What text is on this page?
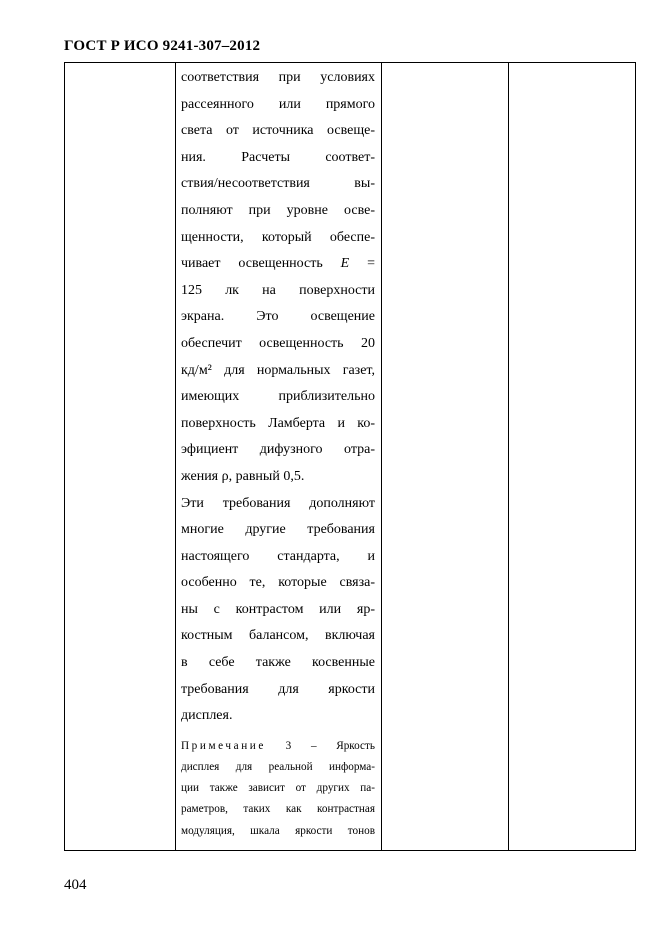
ГОСТ Р ИСО 9241-307–2012
соответствия при условиях
рассеянного или прямого
света от источника освеще-
ния. Расчеты соответ-
ствия/несоответствия вы-
полняют при уровне осве-
щенности, который обеспе-
чивает освещенность E =
125 лк на поверхности
экрана. Это освещение
обеспечит освещенность 20
кд/м² для нормальных газет,
имеющих приблизительно
поверхность Ламберта и ко-
эфициент дифузного отра-
жения ρ, равный 0,5.
Эти требования дополняют
многие другие требования
настоящего стандарта, и
особенно те, которые связа-
ны с контрастом или яр-
костным балансом, включая
в себе также косвенные
требования для яркости
дисплея.
Примечание 3 – Яркость
дисплея для реальной информа-
ции также зависит от других па-
раметров, таких как контрастная
модуляция, шкала яркости тонов
404
